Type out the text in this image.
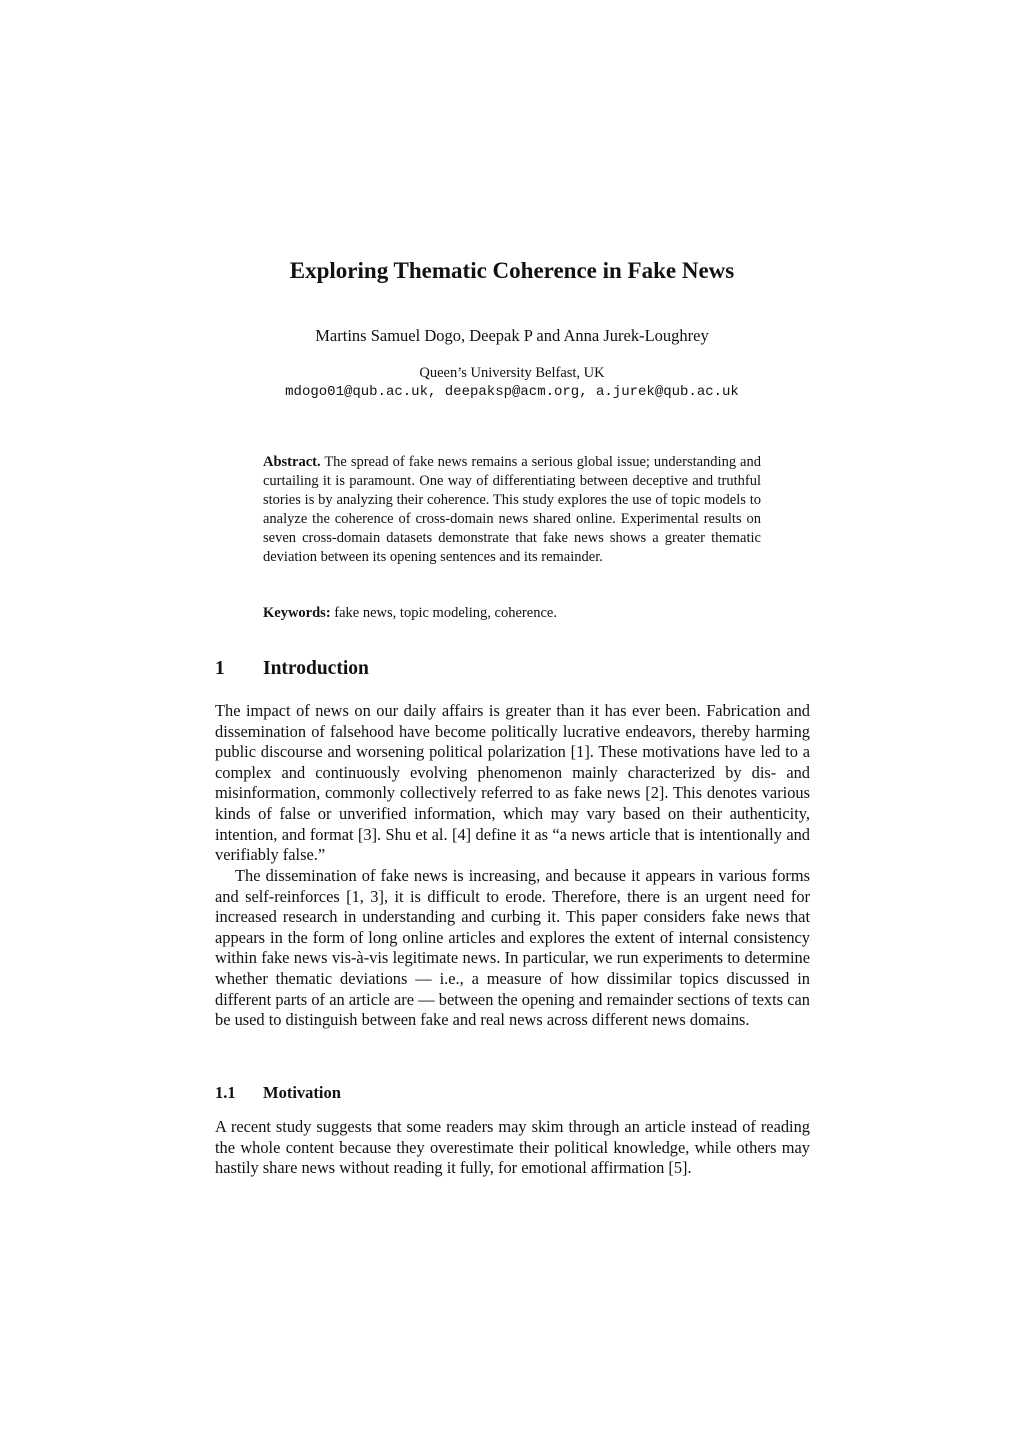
Exploring Thematic Coherence in Fake News
Martins Samuel Dogo, Deepak P and Anna Jurek-Loughrey
Queen’s University Belfast, UK
mdogo01@qub.ac.uk, deepaksp@acm.org, a.jurek@qub.ac.uk

Abstract. The spread of fake news remains a serious global issue; understanding and curtailing it is paramount. One way of differentiating between deceptive and truthful stories is by analyzing their coherence. This study explores the use of topic models to analyze the coherence of cross-domain news shared online. Experimental results on seven cross-domain datasets demonstrate that fake news shows a greater thematic deviation between its opening sentences and its remainder.

Keywords: fake news, topic modeling, coherence.

1 Introduction

The impact of news on our daily affairs is greater than it has ever been. Fabrication and dissemination of falsehood have become politically lucrative endeavors, thereby harming public discourse and worsening political polarization [1]. These motivations have led to a complex and continuously evolving phenomenon mainly characterized by dis- and misinformation, commonly collectively referred to as fake news [2]. This denotes various kinds of false or unverified information, which may vary based on their authenticity, intention, and format [3]. Shu et al. [4] define it as “a news article that is intentionally and verifiably false.”

The dissemination of fake news is increasing, and because it appears in various forms and self-reinforces [1, 3], it is difficult to erode. Therefore, there is an urgent need for increased research in understanding and curbing it. This paper considers fake news that appears in the form of long online articles and explores the extent of internal consistency within fake news vis-à-vis legitimate news. In particular, we run experiments to determine whether thematic deviations — i.e., a measure of how dissimilar topics discussed in different parts of an article are — between the opening and remainder sections of texts can be used to distinguish between fake and real news across different news domains.

1.1 Motivation

A recent study suggests that some readers may skim through an article instead of reading the whole content because they overestimate their political knowledge, while others may hastily share news without reading it fully, for emotional affirmation [5].
